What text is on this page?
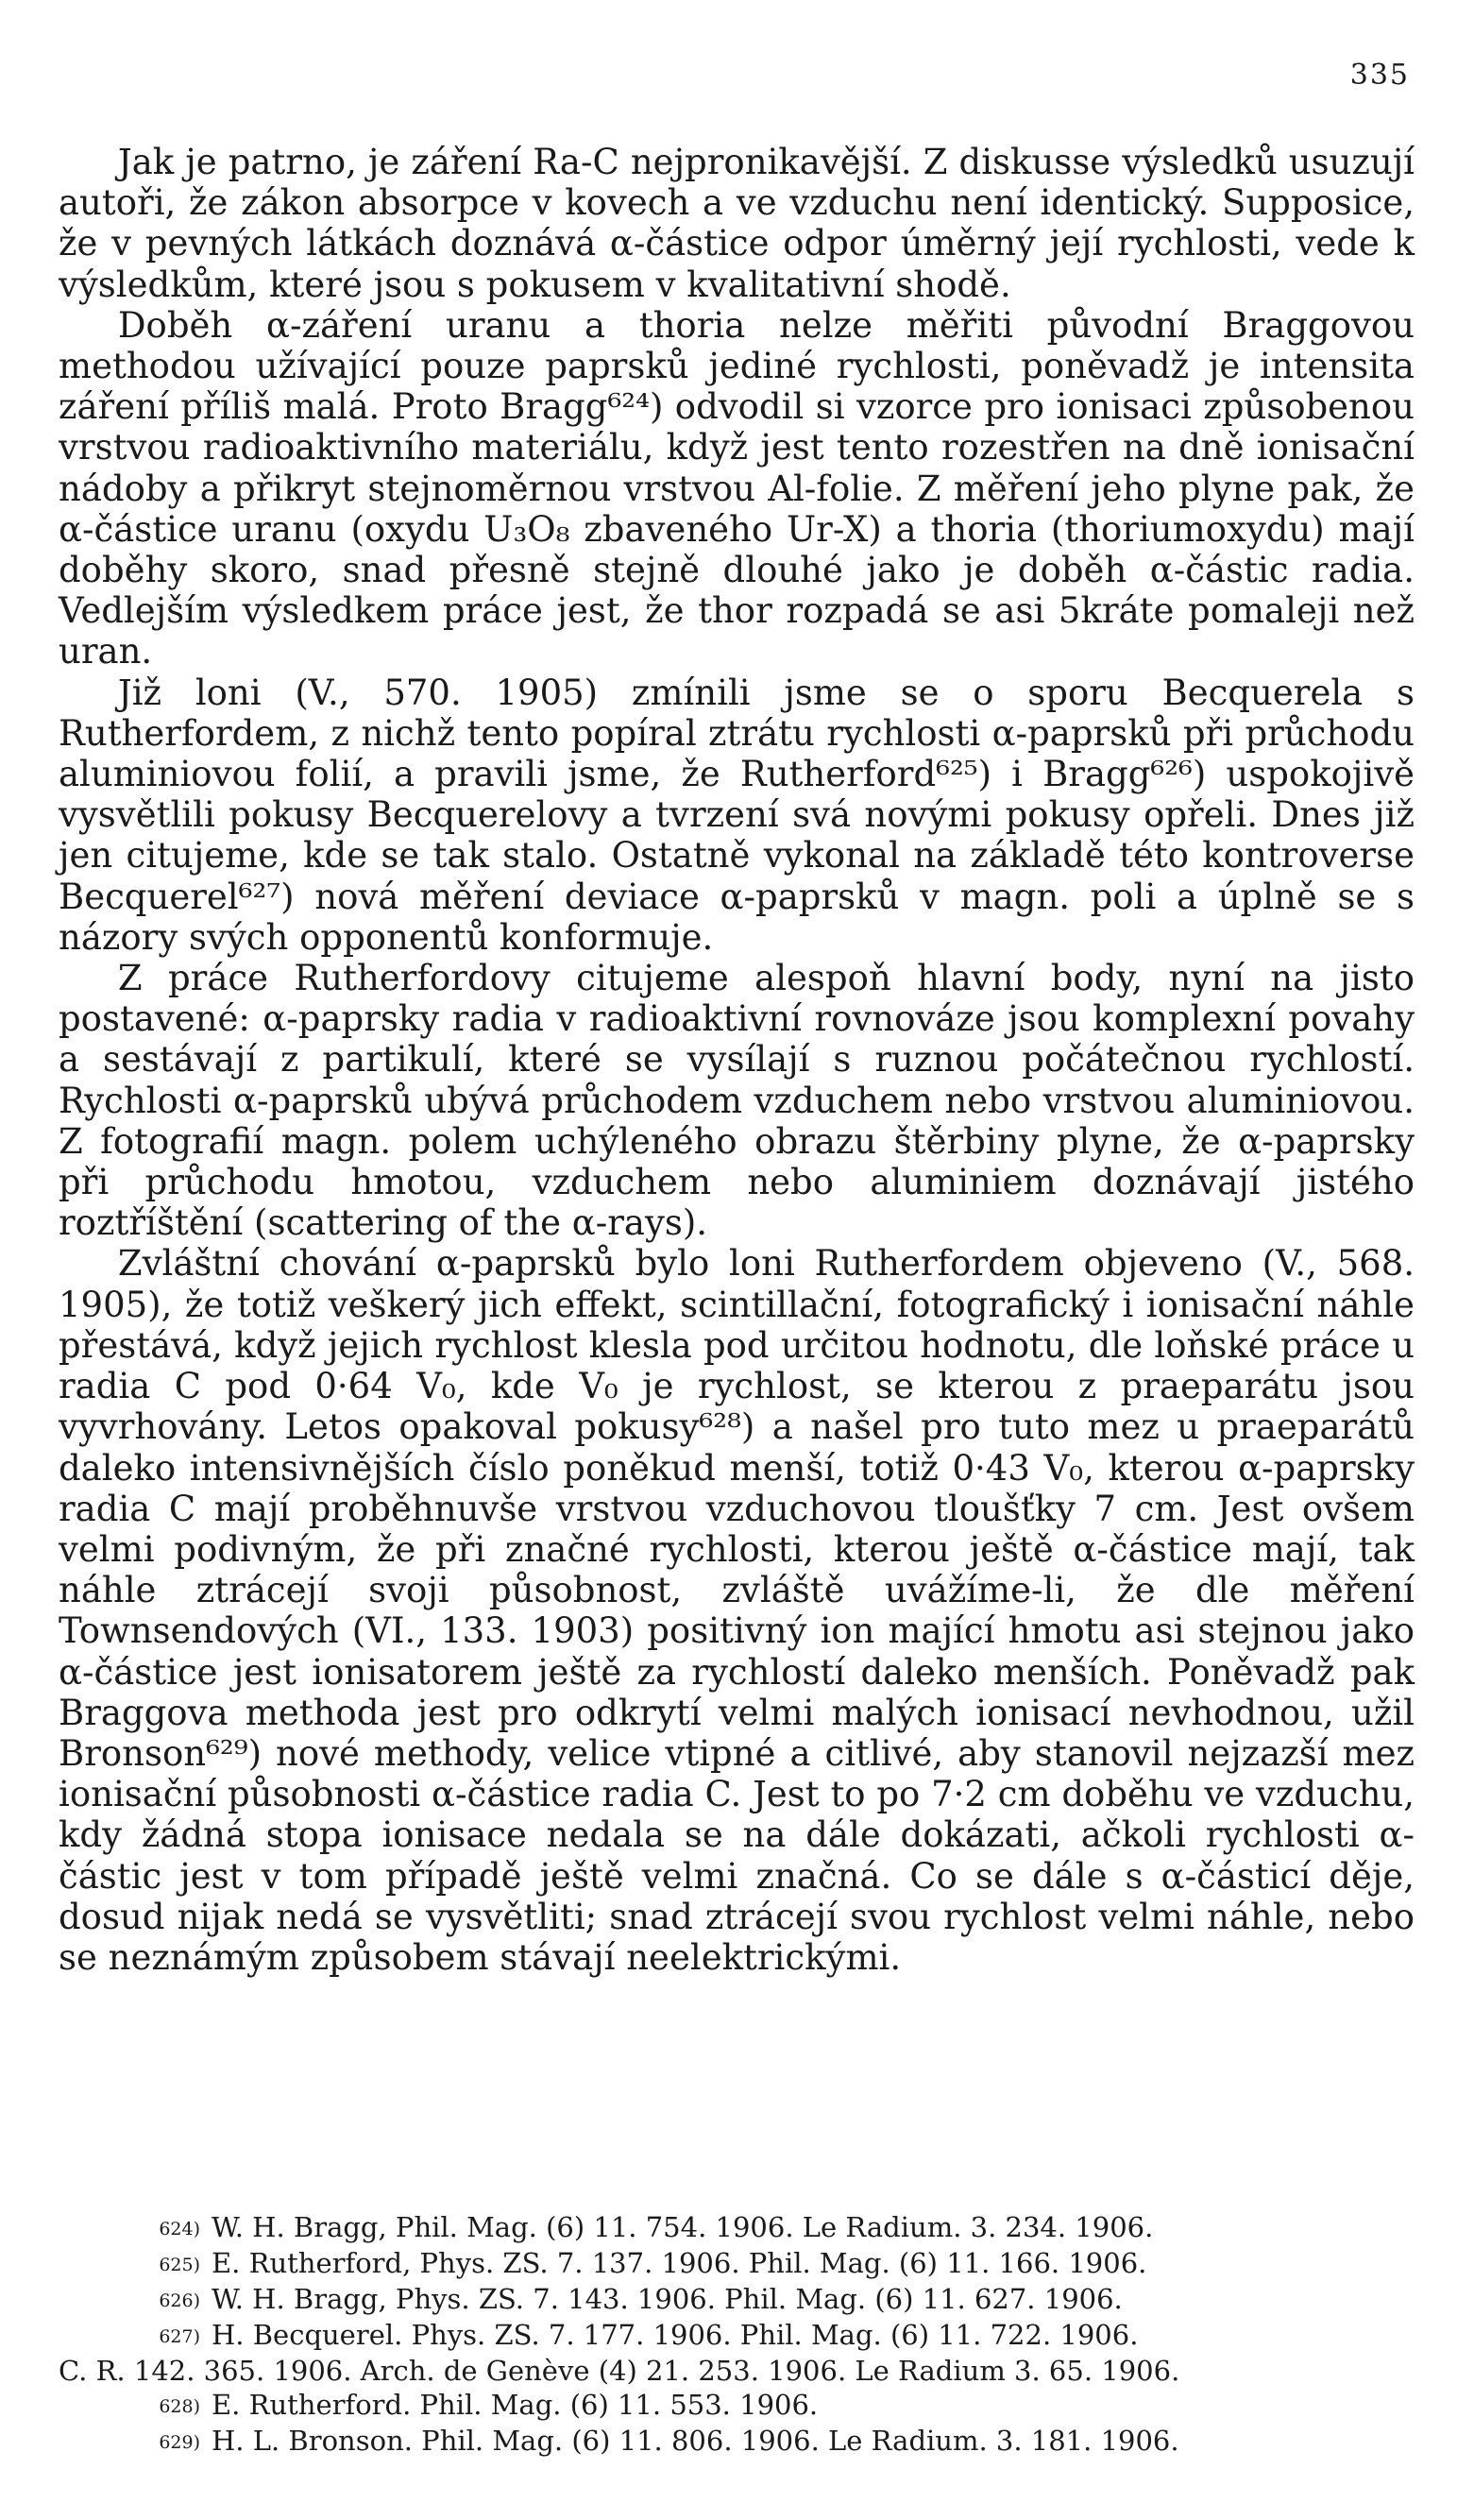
335

Jak je patrno, je záření Ra-C nejpronikavější. Z diskusse výsledků usuzují autoři, že zákon absorpce v kovech a ve vzduchu není identický. Supposice, že v pevných látkách doznává α-částice odpor úměrný její rychlosti, vede k výsledkům, které jsou s pokusem v kvalitativní shodě.

Doběh α-záření uranu a thoria nelze měřiti původní Braggovou methodou užívající pouze paprsků jediné rychlosti, poněvadž je intensita záření příliš malá. Proto Bragg⁶²⁴) odvodil si vzorce pro ionisaci způsobenou vrstvou radioaktivního materiálu, když jest tento rozestřen na dně ionisační nádoby a přikryt stejnoměrnou vrstvou Al-folie. Z měření jeho plyne pak, že α-částice uranu (oxydu U₃O₈ zbaveného Ur-X) a thoria (thoriumoxydu) mají doběhy skoro, snad přesně stejně dlouhé jako je doběh α-částic radia. Vedlejším výsledkem práce jest, že thor rozpadá se asi 5kráte pomaleji než uran.

Již loni (V., 570. 1905) zmínili jsme se o sporu Becquerela s Rutherfordem, z nichž tento popíral ztrátu rychlosti α-paprsků při průchodu aluminiovou folií, a pravili jsme, že Rutherford⁶²⁵) i Bragg⁶²⁶) uspokojivě vysvětlili pokusy Becquerelovy a tvrzení svá novými pokusy opřeli. Dnes již jen citujeme, kde se tak stalo. Ostatně vykonal na základě této kontroverse Becquerel⁶²⁷) nová měření deviace α-paprsků v magn. poli a úplně se s názory svých opponentů konformuje.

Z práce Rutherfordovy citujeme alespoň hlavní body, nyní na jisto postavené: α-paprsky radia v radioaktivní rovnováze jsou komplexní povahy a sestávají z partikulí, které se vysílají s ruznou počátečnou rychlostí. Rychlosti α-paprsků ubývá průchodem vzduchem nebo vrstvou aluminiovou. Z fotografií magn. polem uchýleného obrazu štěrbiny plyne, že α-paprsky při průchodu hmotou, vzduchem nebo aluminiem doznávají jistého roztříštění (scattering of the α-rays).

Zvláštní chování α-paprsků bylo loni Rutherfordem objeveno (V., 568. 1905), že totiž veškerý jich effekt, scintillační, fotografický i ionisační náhle přestává, když jejich rychlost klesla pod určitou hodnotu, dle loňské práce u radia C pod 0·64 V₀, kde V₀ je rychlost, se kterou z praeparátu jsou vyvrhovány. Letos opakoval pokusy⁶²⁸) a našel pro tuto mez u praeparátů daleko intensivnějších číslo poněkud menší, totiž 0·43 V₀, kterou α-paprsky radia C mají proběhnuvše vrstvou vzduchovou tloušťky 7 cm. Jest ovšem velmi podivným, že při značné rychlosti, kterou ještě α-částice mají, tak náhle ztrácejí svoji působnost, zvláště uvážíme-li, že dle měření Townsendových (VI., 133. 1903) positivný ion mající hmotu asi stejnou jako α-částice jest ionisatorem ještě za rychlostí daleko menších. Poněvadž pak Braggova methoda jest pro odkrytí velmi malých ionisací nevhodnou, užil Bronson⁶²⁹) nové methody, velice vtipné a citlivé, aby stanovil nejzazší mez ionisační působnosti α-částice radia C. Jest to po 7·2 cm doběhu ve vzduchu, kdy žádná stopa ionisace nedala se na dále dokázati, ačkoli rychlosti α-částic jest v tom případě ještě velmi značná. Co se dále s α-částicí děje, dosud nijak nedá se vysvětliti; snad ztrácejí svou rychlost velmi náhle, nebo se neznámým způsobem stávají neelektrickými.

624) W. H. Bragg, Phil. Mag. (6) 11. 754. 1906. Le Radium. 3. 234. 1906.
625) E. Rutherford, Phys. ZS. 7. 137. 1906. Phil. Mag. (6) 11. 166. 1906.
626) W. H. Bragg, Phys. ZS. 7. 143. 1906. Phil. Mag. (6) 11. 627. 1906.
627) H. Becquerel. Phys. ZS. 7. 177. 1906. Phil. Mag. (6) 11. 722. 1906.
C. R. 142. 365. 1906. Arch. de Genève (4) 21. 253. 1906. Le Radium 3. 65. 1906.
628) E. Rutherford. Phil. Mag. (6) 11. 553. 1906.
629) H. L. Bronson. Phil. Mag. (6) 11. 806. 1906. Le Radium. 3. 181. 1906.
